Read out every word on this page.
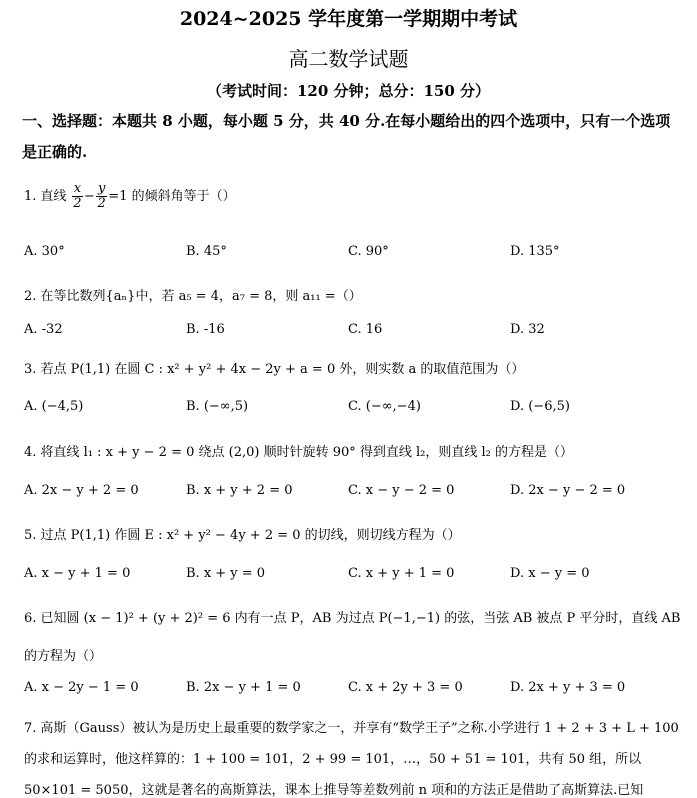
2024~2025 学年度第一学期期中考试
高二数学试题
（考试时间：120 分钟；总分：150 分）
一、选择题：本题共 8 小题，每小题 5 分，共 40 分.在每小题给出的四个选项中，只有一个选项是正确的.
1. 直线 $\frac{x}{2} - \frac{y}{2} =1$ 的倾斜角等于（）
A. 30°	B. 45°	C. 90°	D. 135°
2. 在等比数列{aₙ}中，若 a₅ = 4，a₇ = 8，则 a₁₁ =（）
A. -32	B. -16	C. 16	D. 32
3. 若点 P(1,1) 在圆 C : x² + y² + 4x − 2y + a = 0 外，则实数 a 的取值范围为（）
A. (−4,5)	B. (−∞,5)	C. (−∞,−4)	D. (−6,5)
4. 将直线 l₁ : x + y − 2 = 0 绕点 (2,0) 顺时针旋转 90° 得到直线 l₂，则直线 l₂ 的方程是（）
A. 2x − y + 2 = 0	B. x + y + 2 = 0	C. x − y − 2 = 0	D. 2x − y − 2 = 0
5. 过点 P(1,1) 作圆 E : x² + y² − 4y + 2 = 0 的切线，则切线方程为（）
A. x − y + 1 = 0	B. x + y = 0	C. x + y + 1 = 0	D. x − y = 0
6. 已知圆 (x − 1)² + (y + 2)² = 6 内有一点 P，AB 为过点 P(−1,−1) 的弦，当弦 AB 被点 P 平分时，直线 AB
的方程为（）
A. x − 2y − 1 = 0	B. 2x − y + 1 = 0	C. x + 2y + 3 = 0	D. 2x + y + 3 = 0
7. 高斯（Gauss）被认为是历史上最重要的数学家之一，并享有“数学王子”之称.小学进行 1 + 2 + 3 + L + 100
的求和运算时，他这样算的：1 + 100 = 101，2 + 99 = 101，…，50 + 51 = 101，共有 50 组，所以
50×101 = 5050，这就是著名的高斯算法，课本上推导等差数列前 n 项和的方法正是借助了高斯算法.已知
